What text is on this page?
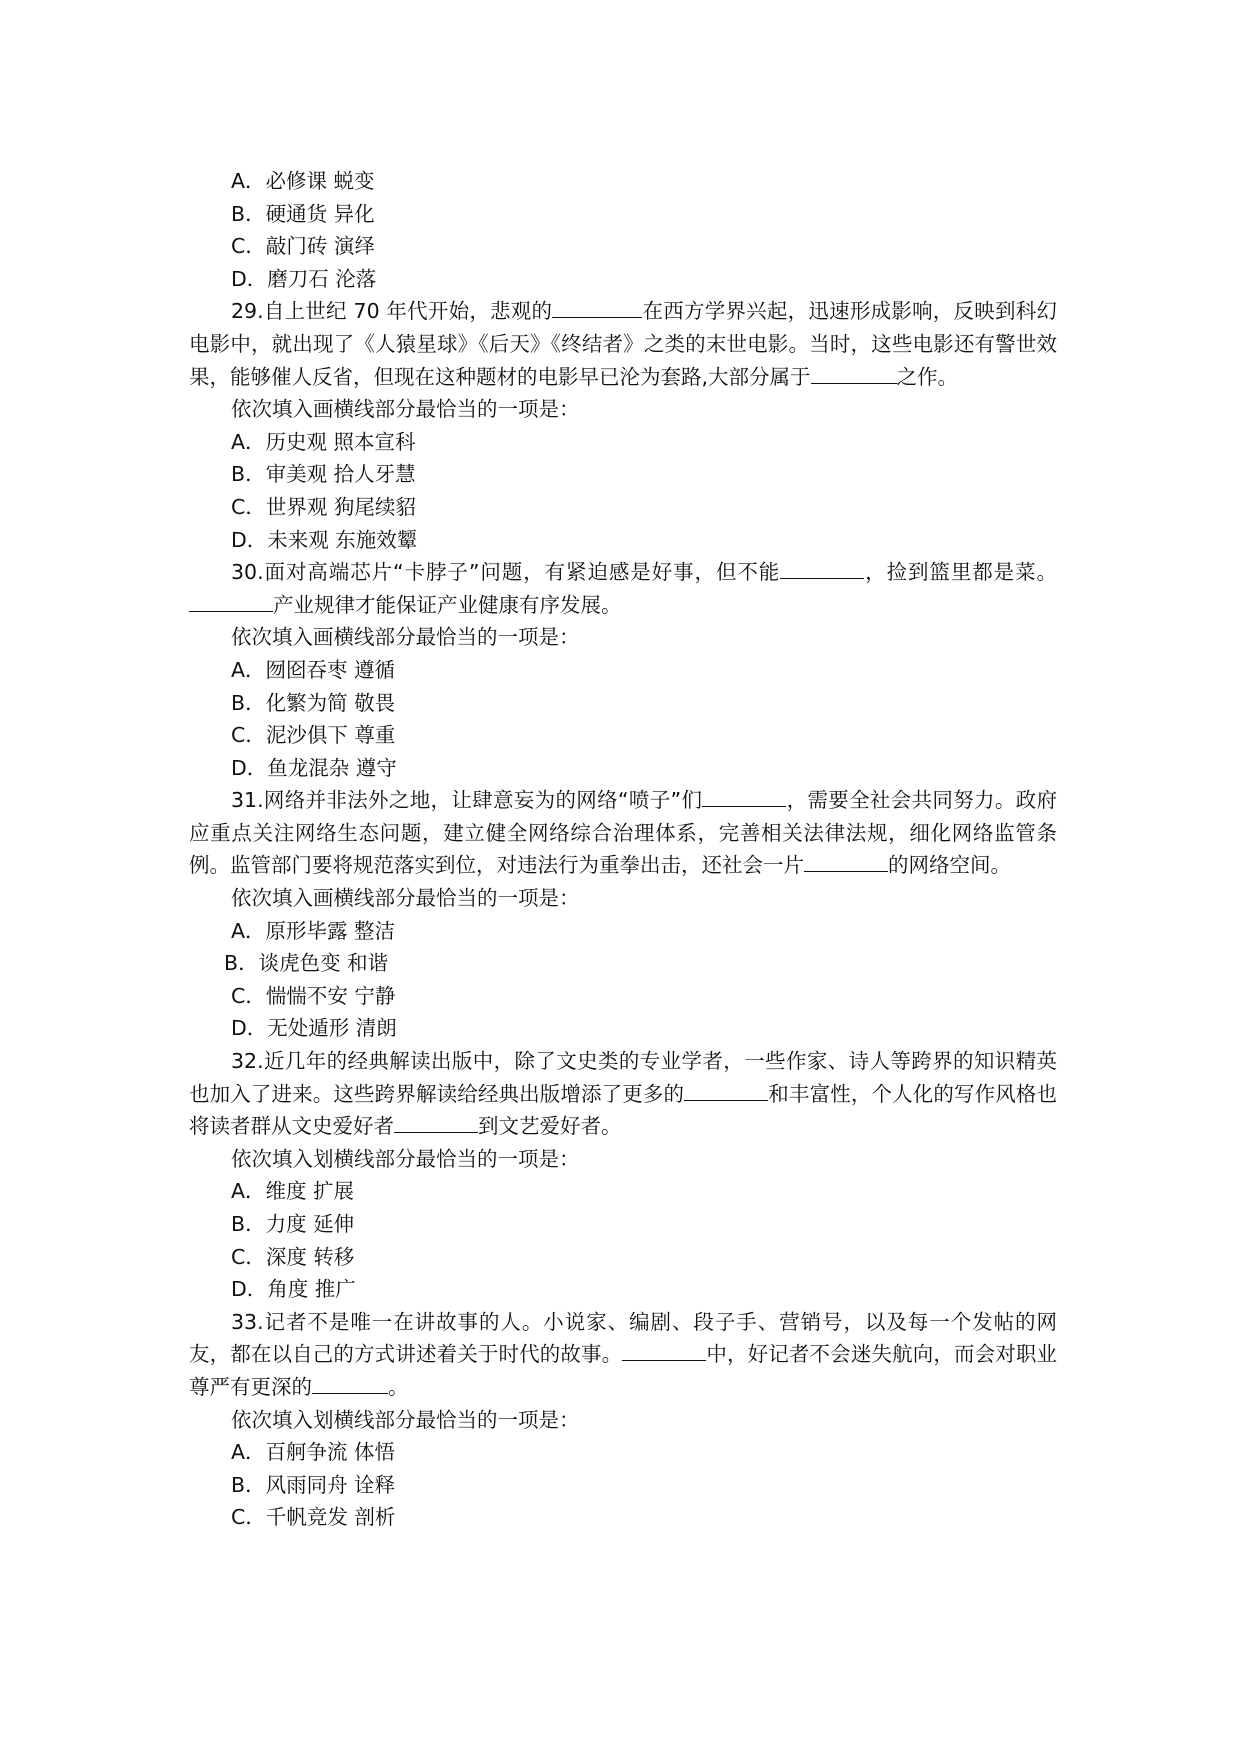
A．必修课 蜕变
B．硬通货 异化
C．敲门砖 演绎
D．磨刀石 沦落
29.自上世纪 70 年代开始，悲观的	在西方学界兴起，迅速形成影响，反映到科幻电影中，就出现了《人猿星球》《后天》《终结者》之类的末世电影。当时，这些电影还有警世效果，能够催人反省，但现在这种题材的电影早已沦为套路,大部分属于	之作。
依次填入画横线部分最恰当的一项是：
A．历史观 照本宣科
B．审美观 拾人牙慧
C．世界观 狗尾续貂
D．未来观 东施效颦
30.面对高端芯片“卡脖子”问题，有紧迫感是好事，但不能	，捡到篮里都是菜。产业规律才能保证产业健康有序发展。
依次填入画横线部分最恰当的一项是：
A．囫囵吞枣 遵循
B．化繁为简 敬畏
C．泥沙俱下 尊重
D．鱼龙混杂 遵守
31.网络并非法外之地，让肆意妄为的网络“喷子”们	，需要全社会共同努力。政府应重点关注网络生态问题，建立健全网络综合治理体系，完善相关法律法规，细化网络监管条例。监管部门要将规范落实到位，对违法行为重拳出击，还社会一片	的网络空间。
依次填入画横线部分最恰当的一项是：
A．原形毕露 整洁
B．谈虎色变 和谐
C．惴惴不安 宁静
D．无处遁形 清朗
32.近几年的经典解读出版中，除了文史类的专业学者，一些作家、诗人等跨界的知识精英也加入了进来。这些跨界解读给经典出版增添了更多的	和丰富性，个人化的写作风格也将读者群从文史爱好者	到文艺爱好者。
依次填入划横线部分最恰当的一项是：
A．维度 扩展
B．力度 延伸
C．深度 转移
D．角度 推广
33.记者不是唯一在讲故事的人。小说家、编剧、段子手、营销号，以及每一个发帖的网友，都在以自己的方式讲述着关于时代的故事。	中，好记者不会迷失航向，而会对职业尊严有更深的	。
依次填入划横线部分最恰当的一项是：
A．百舸争流 体悟
B．风雨同舟 诠释
C．千帆竞发 剖析
